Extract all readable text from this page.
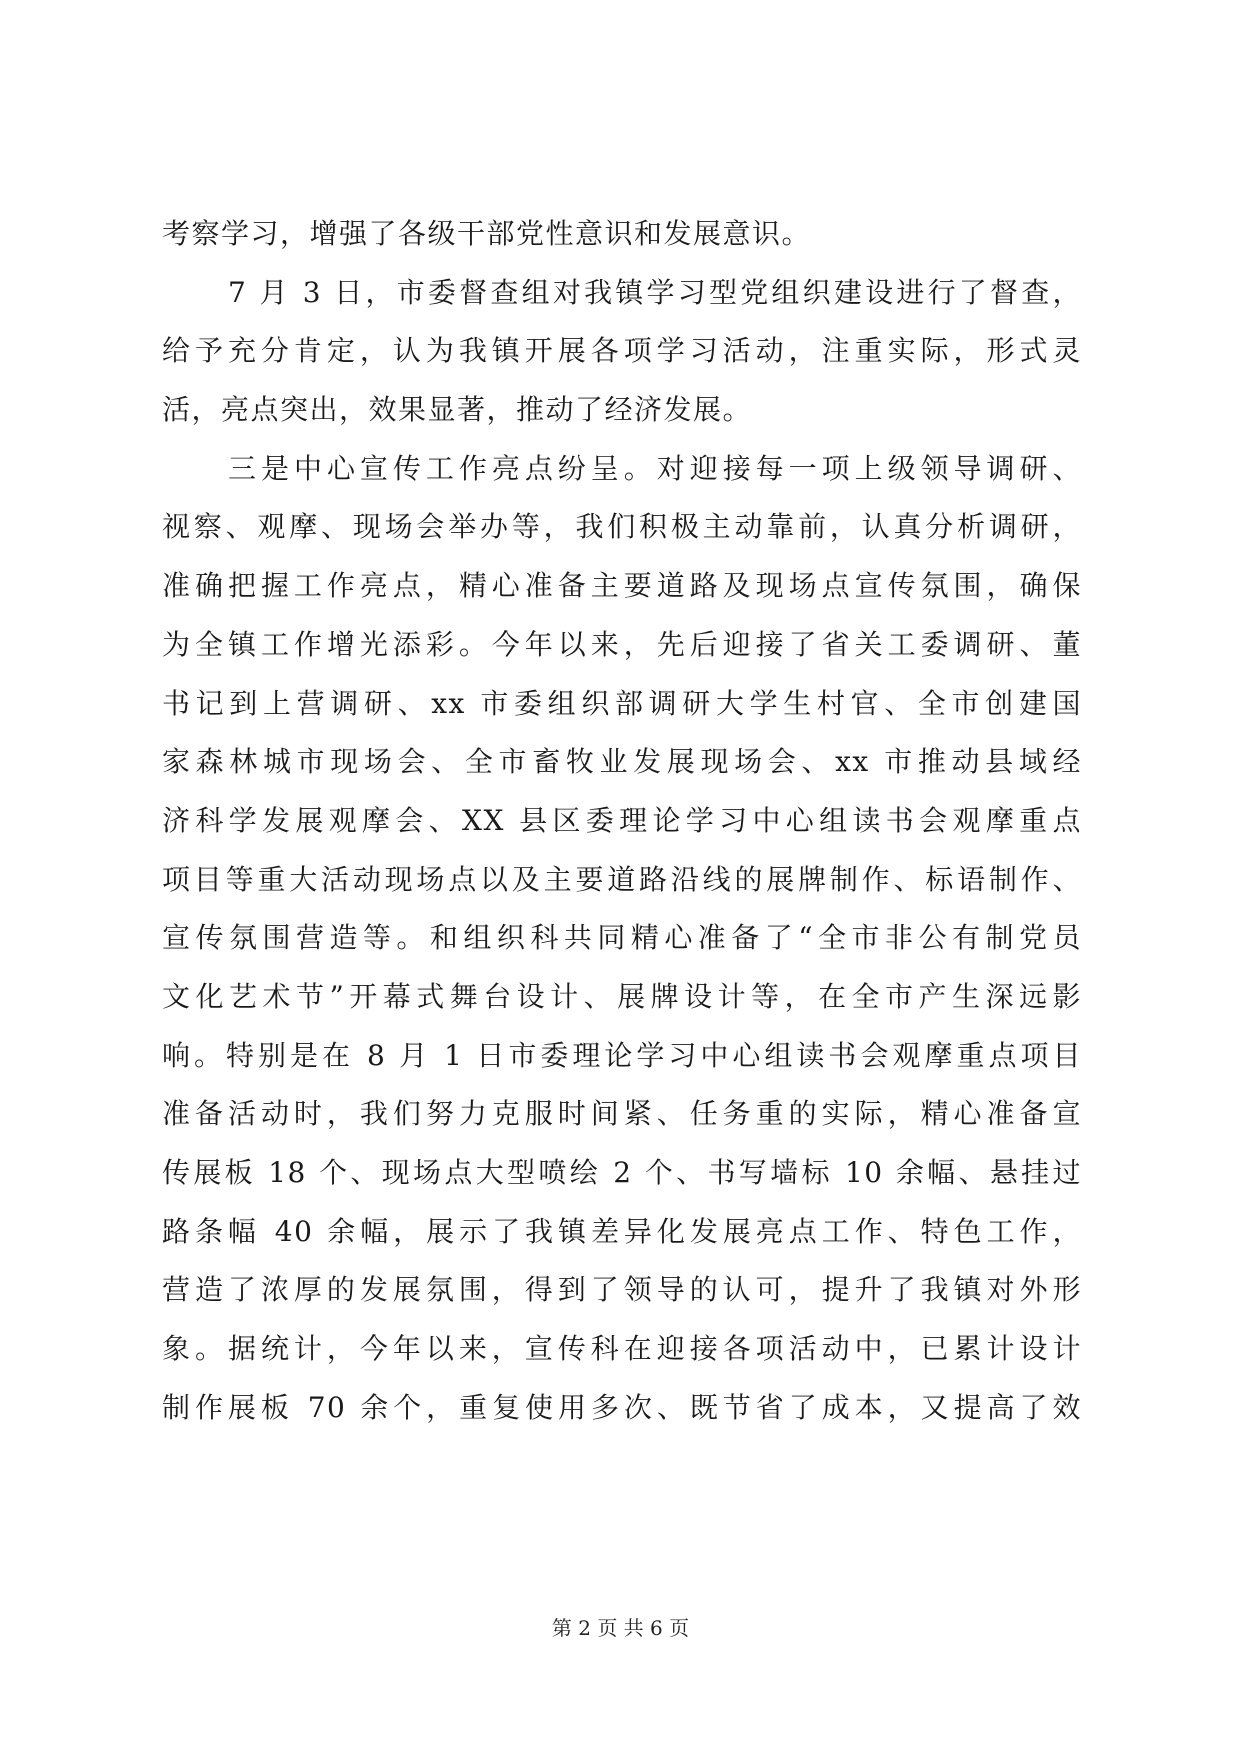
考察学习，增强了各级干部党性意识和发展意识。
7 月 3 日，市委督查组对我镇学习型党组织建设进行了督查，
给予充分肯定，认为我镇开展各项学习活动，注重实际，形式灵
活，亮点突出，效果显著，推动了经济发展。
三是中心宣传工作亮点纷呈。对迎接每一项上级领导调研、
视察、观摩、现场会举办等，我们积极主动靠前，认真分析调研，
准确把握工作亮点，精心准备主要道路及现场点宣传氛围，确保
为全镇工作增光添彩。今年以来，先后迎接了省关工委调研、董
书记到上营调研、xx 市委组织部调研大学生村官、全市创建国
家森林城市现场会、全市畜牧业发展现场会、xx 市推动县域经
济科学发展观摩会、XX 县区委理论学习中心组读书会观摩重点
项目等重大活动现场点以及主要道路沿线的展牌制作、标语制作、
宣传氛围营造等。和组织科共同精心准备了“全市非公有制党员
文化艺术节”开幕式舞台设计、展牌设计等，在全市产生深远影
响。特别是在 8 月 1 日市委理论学习中心组读书会观摩重点项目
准备活动时，我们努力克服时间紧、任务重的实际，精心准备宣
传展板 18 个、现场点大型喷绘 2 个、书写墙标 10 余幅、悬挂过
路条幅 40 余幅，展示了我镇差异化发展亮点工作、特色工作，
营造了浓厚的发展氛围，得到了领导的认可，提升了我镇对外形
象。据统计，今年以来，宣传科在迎接各项活动中，已累计设计
制作展板 70 余个，重复使用多次、既节省了成本，又提高了效
第 2 页 共 6 页
